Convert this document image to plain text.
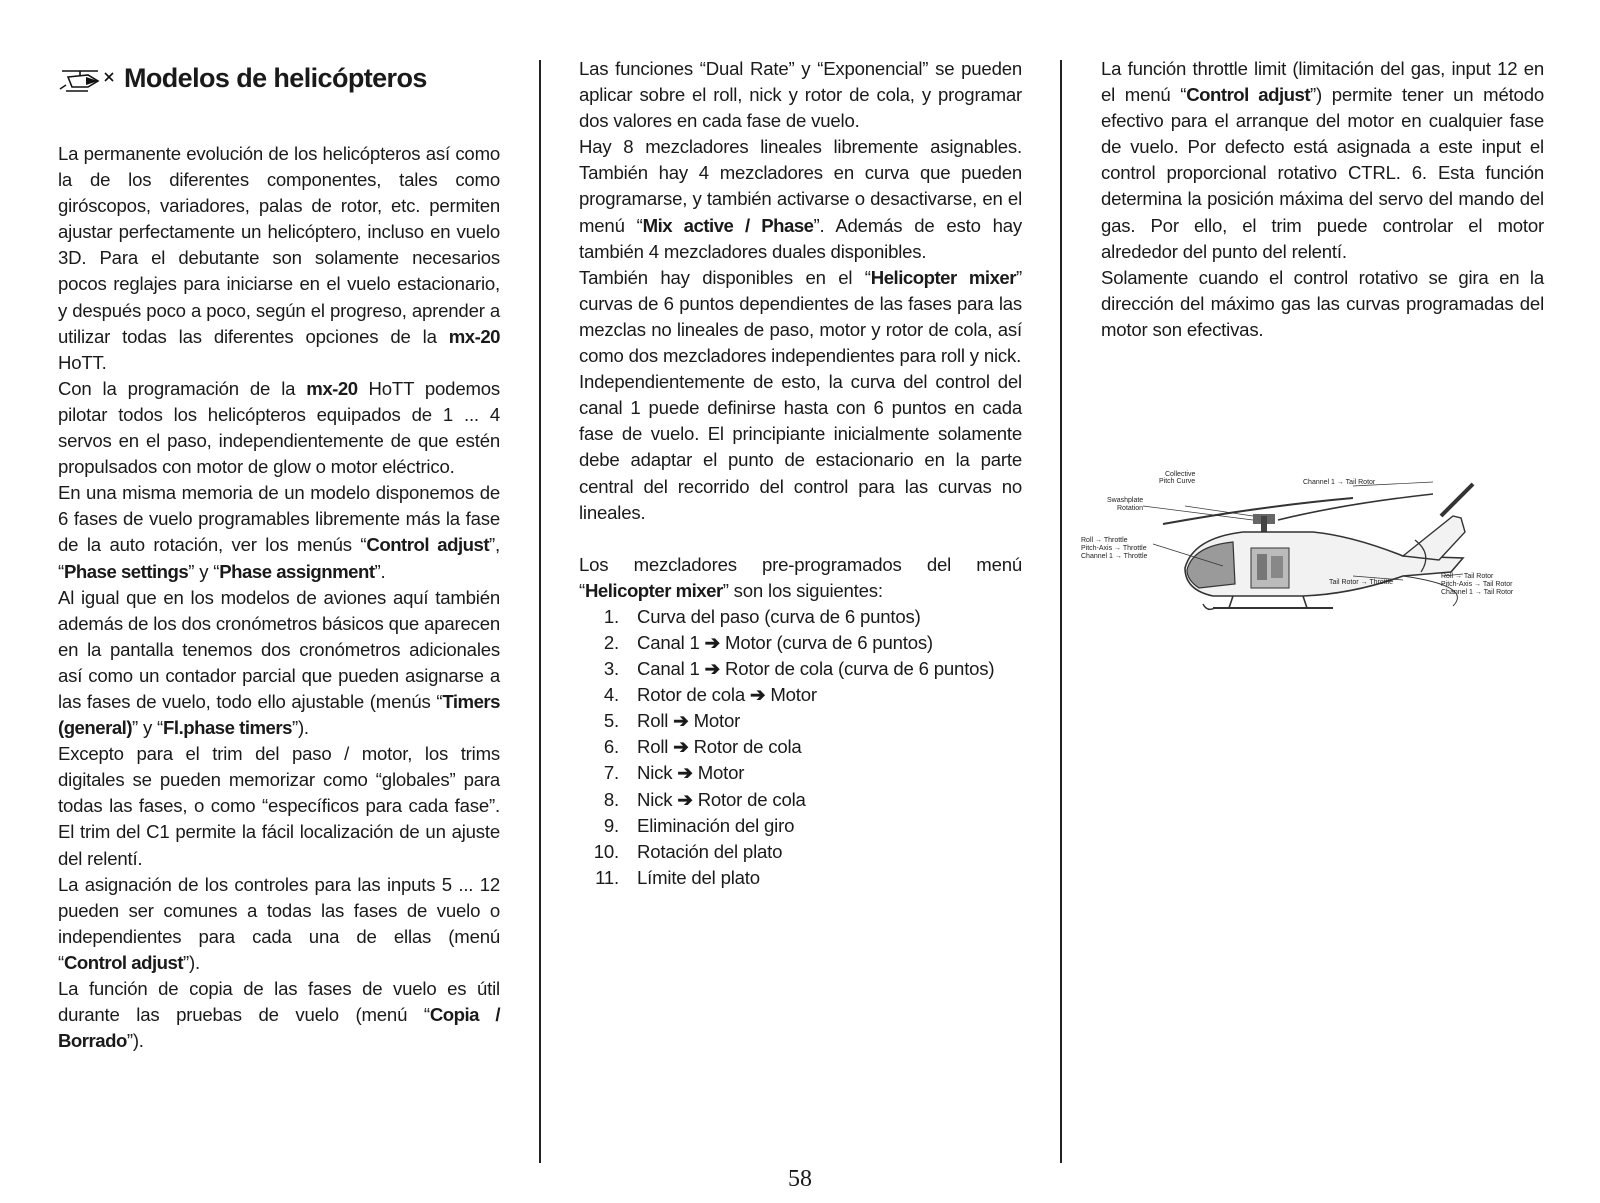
Modelos de helicópteros

La permanente evolución de los helicópteros así como la de los diferentes componentes, tales como giróscopos, variadores, palas de rotor, etc. permiten ajustar perfectamente un helicóptero, incluso en vuelo 3D. Para el debutante son solamente necesarios pocos reglajes para iniciarse en el vuelo estacionario, y después poco a poco, según el progreso, aprender a utilizar todas las diferentes opciones de la mx-20 HoTT.

Con la programación de la mx-20 HoTT podemos pilotar todos los helicópteros equipados de 1 ... 4 servos en el paso, independientemente de que estén propulsados con motor de glow o motor eléctrico.

En una misma memoria de un modelo disponemos de 6 fases de vuelo programables libremente más la fase de la auto rotación, ver los menús “Control adjust”, “Phase settings” y “Phase assignment”.

Al igual que en los modelos de aviones aquí también además de los dos cronómetros básicos que aparecen en la pantalla tenemos dos cronómetros adicionales así como un contador parcial que pueden asignarse a las fases de vuelo, todo ello ajustable (menús “Timers (general)” y “Fl.phase timers”).

Excepto para el trim del paso / motor, los trims digitales se pueden memorizar como “globales” para todas las fases, o como “específicos para cada fase”. El trim del C1 permite la fácil localización de un ajuste del relentí.

La asignación de los controles para las inputs 5 ... 12 pueden ser comunes a todas las fases de vuelo o independientes para cada una de ellas (menú “Control adjust”).

La función de copia de las fases de vuelo es útil durante las pruebas de vuelo (menú “Copia / Borrado”).

Las funciones “Dual Rate” y “Exponencial” se pueden aplicar sobre el roll, nick y rotor de cola, y programar dos valores en cada fase de vuelo.

Hay 8 mezcladores lineales libremente asignables. También hay 4 mezcladores en curva que pueden programarse, y también activarse o desactivarse, en el menú “Mix active / Phase”. Además de esto hay también 4 mezcladores duales disponibles.

También hay disponibles en el “Helicopter mixer” curvas de 6 puntos dependientes de las fases para las mezclas no lineales de paso, motor y rotor de cola, así como dos mezcladores independientes para roll y nick.

Independientemente de esto, la curva del control del canal 1 puede definirse hasta con 6 puntos en cada fase de vuelo. El principiante inicialmente solamente debe adaptar el punto de estacionario en la parte central del recorrido del control para las curvas no lineales.

Los mezcladores pre-programados del menú “Helicopter mixer” son los siguientes:

1. Curva del paso (curva de 6 puntos)
2. Canal 1 ➔ Motor (curva de 6 puntos)
3. Canal 1 ➔ Rotor de cola (curva de 6 puntos)
4. Rotor de cola ➔ Motor
5. Roll ➔ Motor
6. Roll ➔ Rotor de cola
7. Nick ➔ Motor
8. Nick ➔ Rotor de cola
9. Eliminación del giro
10. Rotación del plato
11. Límite del plato

La función throttle limit (limitación del gas, input 12 en el menú “Control adjust”) permite tener un método efectivo para el arranque del motor en cualquier fase de vuelo. Por defecto está asignada a este input el control proporcional rotativo CTRL. 6. Esta función determina la posición máxima del servo del mando del gas. Por ello, el trim puede controlar el motor alrededor del punto del relentí.

Solamente cuando el control rotativo se gira en la dirección del máximo gas las curvas programadas del motor son efectivas.

Collective
Pitch Curve
Swashplate
Rotation
Channel 1 → Tail Rotor
Roll → Throttle
Pitch-Axis → Throttle
Channel 1 → Throttle
Tail Rotor → Throttle
Roll → Tail Rotor
Pitch-Axis → Tail Rotor
Channel 1 → Tail Rotor
58
